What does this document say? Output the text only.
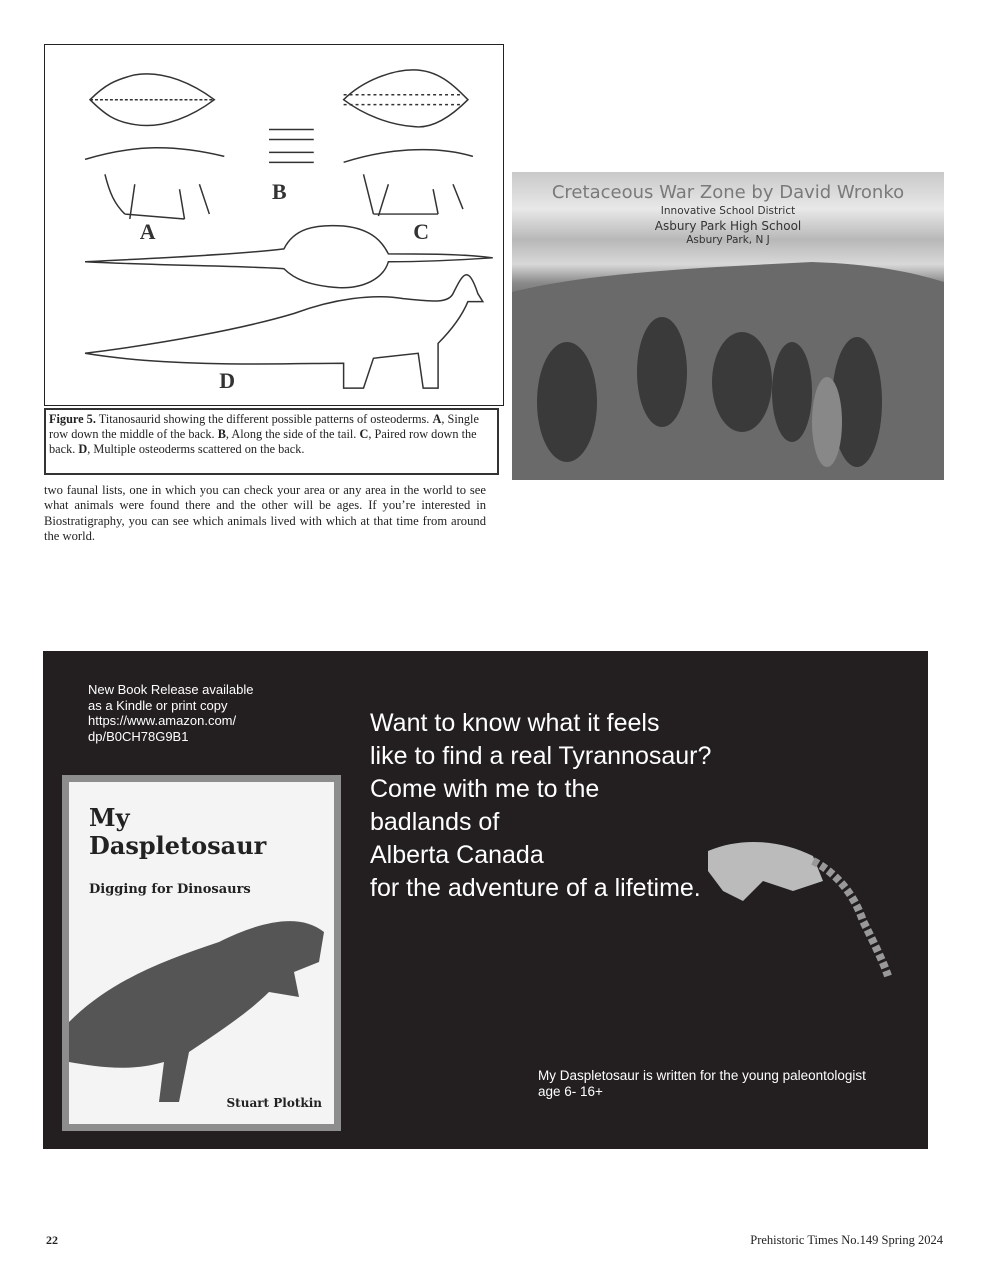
A
B
C
D
Figure 5. Titanosaurid showing the different possible patterns of osteoderms. A, Single row down the middle of the back. B, Along the side of the tail. C, Paired row down the back. D, Multiple osteoderms scattered on the back.

two faunal lists, one in which you can check your area or any area in the world to see what animals were found there and the other will be ages. If you’re interested in Biostratigraphy, you can see which animals lived with which at that time from around the world.

Cretaceous War Zone by David Wronko
Innovative School District
Asbury Park High School
Asbury Park, N J
New Book Release available
as a Kindle or print copy
https://www.amazon.com/
dp/B0CH78G9B1
My
Daspletosaur
Digging for Dinosaurs
Stuart Plotkin
Want to know what it feels
like to find a real Tyrannosaur?
Come with me to the
badlands of
Alberta Canada
for the adventure of a lifetime.
My Daspletosaur is written for the young paleontologist
age 6- 16+
22	Prehistoric Times No.149 Spring 2024
